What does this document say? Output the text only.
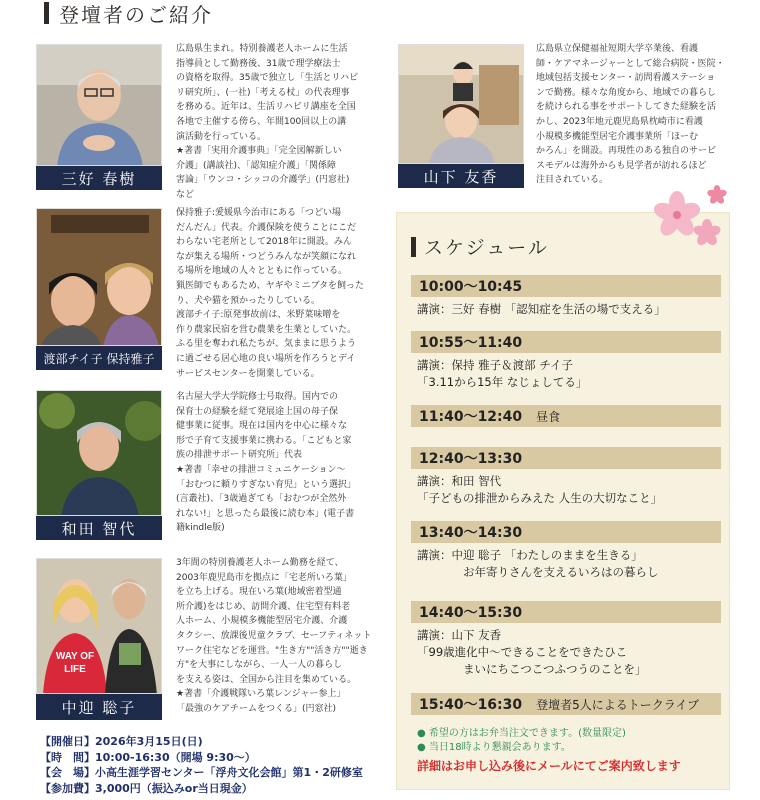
登壇者のご紹介
三好 春樹
広島県生まれ。特別養護老人ホームに生活
指導員として勤務後、31歳で理学療法士
の資格を取得。35歳で独立し「生活とリハビ
リ研究所」、(一社)「考える杖」の代表理事
を務める。近年は、生活リハビリ講座を全国
各地で主催する傍ら、年間100回以上の講
演活動を行っている。
★著書「実用介護事典」「完全図解新しい
介護」(講談社)、「認知症介護」「関係障
害論」「ウンコ・シッコの介護学」(円窓社)
など
山下 友香
広島県立保健福祉短期大学卒業後、看護
師・ケアマネージャーとして総合病院・医院・
地域包括支援センター・訪問看護ステーショ
ンで勤務。様々な角度から、地域での暮らし
を続けられる事をサポートしてきた経験を活
かし、2023年地元鹿児島県枕崎市に看護
小規模多機能型居宅介護事業所「ほーむ
かろん」を開設。再現性のある独自のサービ
スモデルは海外からも見学者が訪れるほど
注目されている。
渡部チイ子 保持雅子
保持雅子:愛媛県今治市にある「つどい場
だんだん」代表。介護保険を使うことにこだ
わらない宅老所として2018年に開設。みん
なが集える場所・つどうみんなが笑顔になれ
る場所を地域の人々とともに作っている。
猟医師でもあるため、ヤギやミニブタを飼った
り、犬や猫を預かったりしている。
渡部チイ子:原発事故前は、米野菜味噌を
作り農家民宿を営む農業を生業としていた。
ふる里を奪われ私たちが、気ままに思うよう
に過ごせる居心地の良い場所を作ろうとデイ
サービスセンターを開業している。
和田 智代
名古屋大学大学院修士号取得。国内での
保育士の経験を経て発展途上国の母子保
健事業に従事。現在は国内を中心に様々な
形で子育て支援事業に携わる。「こどもと家
族の排泄サポート研究所」代表
★著書「幸せの排泄コミュニケーション〜
「おむつに頼りすぎない育児」という選択」
(言叢社)、「3歳過ぎても「おむつが全然外
れない!」と思ったら最後に読む本」(電子書
籍kindle版)
WAY OF
LIFE
中迎 聡子
3年間の特別養護老人ホーム勤務を経て、
2003年鹿児島市を拠点に「宅老所いろ葉」
を立ち上げる。現在いろ葉(地域密着型通
所介護)をはじめ、訪問介護、住宅型有料老
人ホーム、小規模多機能型居宅介護、介護
タクシー、放課後児童クラブ、セーフティネット
ワーク住宅などを運営。"生き方""活き方""逝き
方"を大事にしながら、一人一人の暮らし
を支える姿は、全国から注目を集めている。
★著書「介護戦隊いろ葉レンジャー参上」
「最強のケアチームをつくる」(円窓社)
スケジュール
10:00〜10:45
講演：三好 春樹 「認知症を生活の場で支える」
10:55〜11:40
講演：保持 雅子＆渡部 チイ子
「3.11から15年 なじょしてる」
11:40〜12:40 昼食
12:40〜13:30
講演：和田 智代
「子どもの排泄からみえた 人生の大切なこと」
13:40〜14:30
講演：中迎 聡子 「わたしのままを生きる」
　　　　お年寄りさんを支えるいろはの暮らし
14:40〜15:30
講演：山下 友香
「99歳進化中〜できることをできたひこ
　　　　まいにちこつこつふつうのことを」
15:40〜16:30 登壇者5人によるトークライブ
● 希望の方はお弁当注文できます。(数量限定)
● 当日18時より懇親会あります。
詳細はお申し込み後にメールにてご案内致します
【開催日】2026年3月15日(日)
【時　間】10:00-16:30（開場 9:30〜）
【会　場】小高生涯学習センター「浮舟文化会館」第1・2研修室
【参加費】3,000円（振込みor当日現金）
